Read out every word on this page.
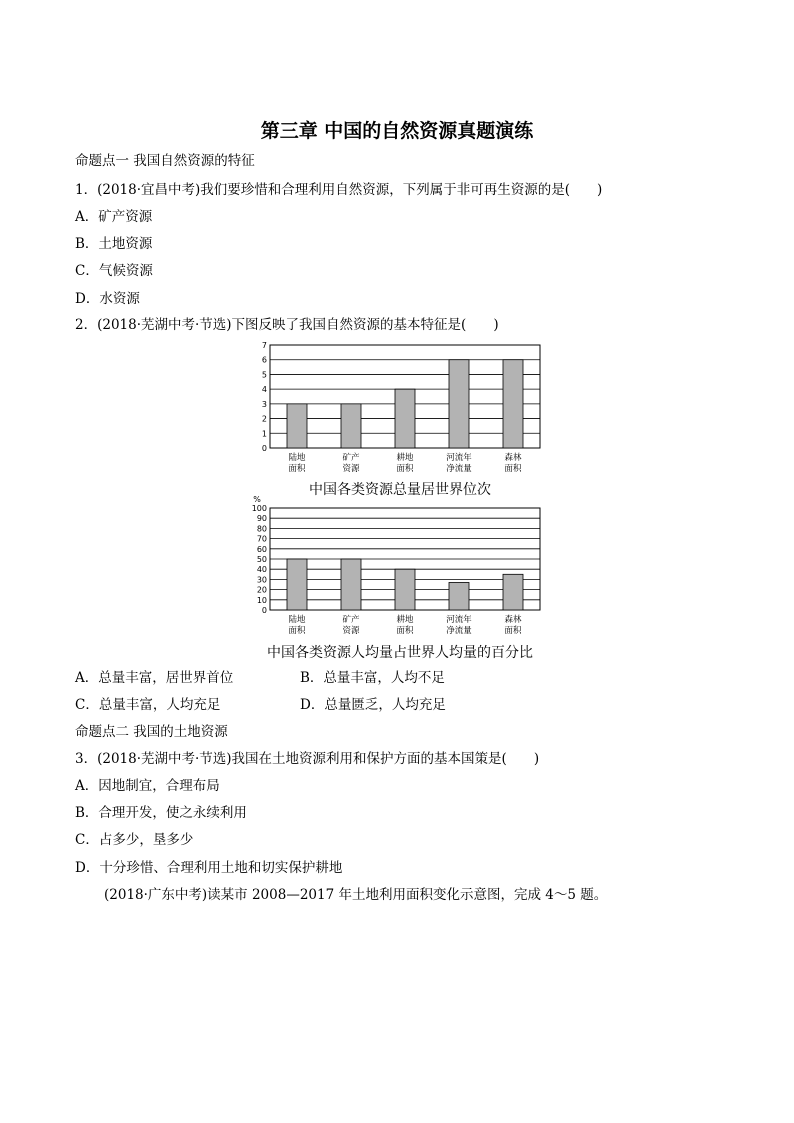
第三章 中国的自然资源真题演练
命题点一 我国自然资源的特征
1．(2018·宜昌中考)我们要珍惜和合理利用自然资源，下列属于非可再生资源的是(　　)
A．矿产资源
B．土地资源
C．气候资源
D．水资源
2．(2018·芜湖中考·节选)下图反映了我国自然资源的基本特征是(　　)
0
1
2
3
4
5
6
7
陆地
面积
矿产
资源
耕地
面积
河流年
净流量
森林
面积
中国各类资源总量居世界位次
0
10
20
30
40
50
60
70
80
90
100
%
陆地
面积
矿产
资源
耕地
面积
河流年
净流量
森林
面积
中国各类资源人均量占世界人均量的百分比
A．总量丰富，居世界首位	B．总量丰富，人均不足
C．总量丰富，人均充足	D．总量匮乏，人均充足
命题点二 我国的土地资源
3．(2018·芜湖中考·节选)我国在土地资源利用和保护方面的基本国策是(　　)
A．因地制宜，合理布局
B．合理开发，使之永续利用
C．占多少，垦多少
D．十分珍惜、合理利用土地和切实保护耕地
(2018·广东中考)读某市 2008—2017 年土地利用面积变化示意图，完成 4～5 题。
